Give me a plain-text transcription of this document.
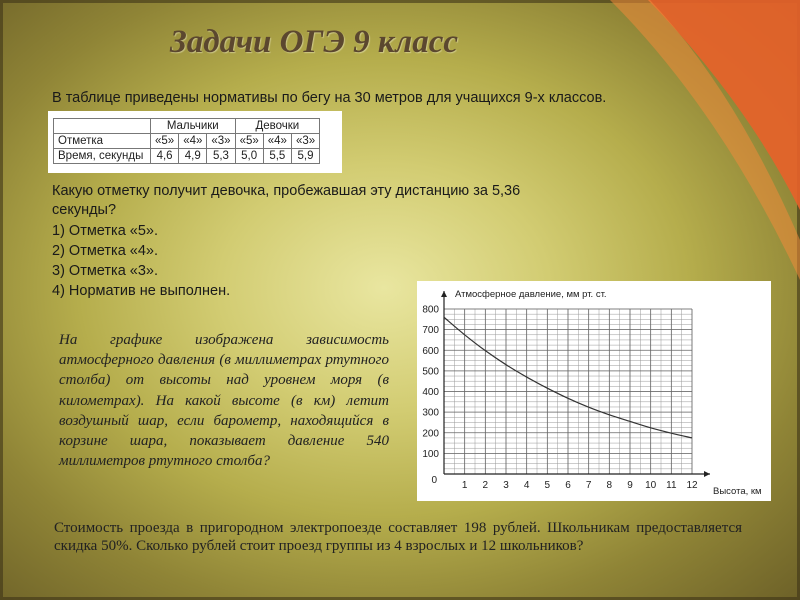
Задачи ОГЭ 9 класс
В таблице приведены нормативы по бегу на 30 метров для учащихся 9-х классов.
	Мальчики			Девочки		
Отметка	«5»	«4»	«3»	«5»	«4»	«3»
Время, секунды	4,6	4,9	5,3	5,0	5,5	5,9
Какую отметку получит девочка, пробежавшая эту дистанцию за 5,36 секунды?
1) Отметка «5».
2) Отметка «4».
3) Отметка «3».
4) Норматив не выполнен.
На графике изображена зависимость атмосферного давления (в миллиметрах ртутного столба) от высоты над уровнем моря (в километрах). На какой высоте (в км) летит воздушный шар, если барометр, находящийся в корзине шара, показывает давление 540 миллиметров ртутного столба?
1 2 3 4 5 6 7 8 9 10 11 12
100
200
300
400
500
600
700
800
0
Атмосферное давление, мм рт. ст.
Высота, км
Стоимость проезда в пригородном электропоезде составляет 198 рублей. Школьникам предоставляется скидка 50%. Сколько рублей стоит проезд группы из 4 взрослых и 12 школьников?
